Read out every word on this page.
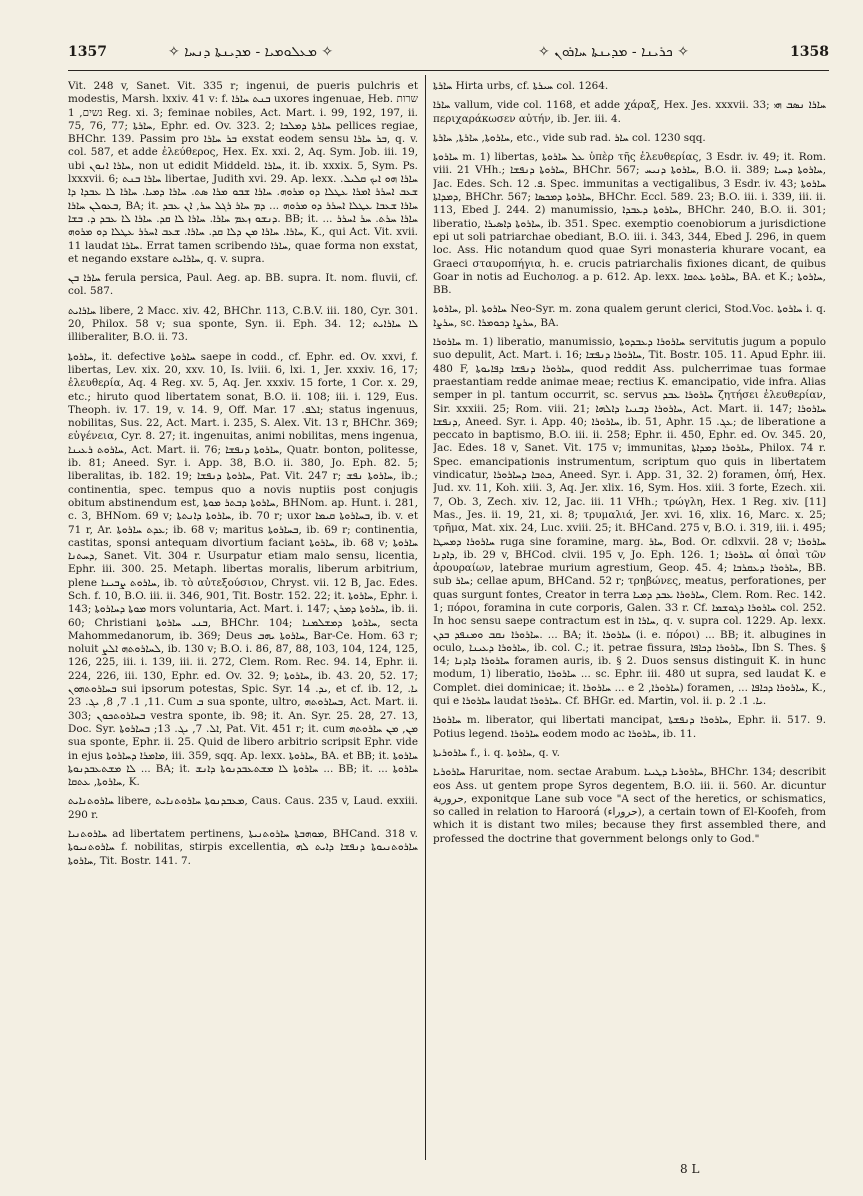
1357	✧ ܡܥܠܘܡܝܐ - ܡܕܝܢܬܐ ܕܢܚܐ ✧	✧ ܟܪܝܢܐ - ܡܕܝܢܬܐ ܚܐܪܘܢ ✧	1358

Vit. 248 v, Sanet. Vit. 335 r; ingenui, de pueris pulchris et modestis, Marsh. lxxiv. 41 v: f. ܒܢܬ ܚܐܪܐ uxores ingenuae, Heb. שרות נשים, 1 Reg. xi. 3; feminae nobiles, Act. Mart. i. 99, 192, 197, ii. 75, 76, 77; ܚܐܪܬܐ, Ephr. ed. Ov. 323. 2; ܚܐܪܬܐ ܕܡܠܟܐ pellices regiae, BHChr. 139. Passim pro ܒܪ ܚܐܪܐ exstat eodem sensu ܒܪ ܚܐܪܐ, q. v. col. 587, et adde ἐλεύθερος, Hex. Ex. xxi. 2, Aq. Sym. Job. iii. 19, ubi ܚܐܪܐ ܐܢܘܢ, non ut edidit Middeld. ܚܐܪܐ, it. ib. xxxix. 5, Sym. Ps. lxxxvii. 6; ܚܐܪܐ ܒܢܬ libertae, Judith xvi. 29. Ap. lexx. ܚܐܪܐ ܗܘ ܐܝܟ ܩܠܝܠ. ܫܥܒ ܐܚܪܪ ܐܡܪܐ ܥܛܠܐ ܕܘ ܡܪܘܗ. ܚܐܪܐ ܫܒܘ ܡܪܐ ܣܬ. ܚܐܪܐ ܕܡܝܐ. ܚܐܪܐ ܠܐ ܥܒܕܐ ܕܐ ܒܥܘܠܢ ܚܐܪܐ, BA; it. ܚܐܪܐ ܫܥܒܐ ܥܛܠܐ ܐܚܪܪ ܕܘ ܡܪܘܗ ... ܕܡ ܚܐܪ ܪܓܠ ܚܪ, ܐܢ ܥܒܕ ܕܢܫܘ ܙܥܡ ܚܐܪܐ. ܚܐܪܐ ܠܐ ܩܕ. ܚܐܪܐ ܠܐ ܥܒܕ ܕ. ܒܫܐ. BB; it. ܚܐܪܐ ܚܪܬ. ܚܪ ܐܚܪܪ ... ܚܐܪܐ. ܚܐܪܐ ܡܢ ܕܠܐ ܩܕ. ܚܐܪܐ. ܫܥܒ ܐܚܪܪ ܥܛܠܐ ܕܘ ܡܪܘܗ, K., qui Act. Vit. xvii. 11 laudat ܚܐܪܐ. Errat tamen scribendo ܚܐܪܐ, quae forma non exstat, et negando exstare ܚܐܪܐܝܬ, q. v. supra.

ܚܐܪܐ ܒܢ ferula persica, Paul. Aeg. ap. BB. supra. It. nom. fluvii, cf. col. 587.

ܚܐܪܐܝܬ libere, 2 Macc. xiv. 42, BHChr. 113, C.B.V. iii. 180, Cyr. 301. 20, Philox. 58 v; sua sponte, Syn. ii. Eph. 34. 12; ܠܐ ܚܐܪܐܝܬ illiberaliter, B.O. ii. 73.

ܚܐܪܘܬܐ, it. defective ܚܐܪܘܬܐ saepe in codd., cf. Ephr. ed. Ov. xxvi, f. libertas, Lev. xix. 20, xxv. 10, Is. lviii. 6, lxi. 1, Jer. xxxiv. 16, 17; ἐλευθερία, Aq. 4 Reg. xv. 5, Aq. Jer. xxxiv. 15 forte, 1 Cor. x. 29, etc.; hiruto quod libertatem sonat, B.O. ii. 108; iii. i. 129, Eus. Theoph. iv. 17. 19, v. 14. 9, Off. Mar. ܐܠܦ. 17; status ingenuus, nobilitas, Sus. 22, Act. Mart. i. 235, S. Alex. Vit. 13 r, BHChr. 369; εὐγένεια, Cyr. 8. 27; it. ingenuitas, animi nobilitas, mens ingenua, ܚܐܪܘܬ ܪܥܝܢܐ, Act. Mart. ii. 76; ܚܐܪܘܬܐ ܕܢܦܫܐ, Quatr. bonton, politesse, ib. 81; Aneed. Syr. i. App. 38, B.O. ii. 380, Jo. Eph. 82. 5; liberalitas, ib. 182. 19; ܚܐܪܘܬܐ ܕܢܦܫܐ, Pat. Vit. 247 r; ܚܐܪܘܬܐ ܢܦܫ, ib.; continentia, spec. tempus quo a novis nuptiis post conjugis obitum abstinendum est, ܚܐܪܘܬܐ ܕܒܬܪ ܡܘܬܐ, BHNom. ap. Hunt. i. 281, c. 3, BHNom. 69 v; ܚܐܪܘܬܐ ܕܐܢܬܬܐ, ib. 70 r; uxor ܒܚܐܪܘܬܐ ܩܝܡܐ, ib. v. et 71 r, Ar. ܥܕܬ ܚܐܪܘܬܐ; ib. 68 v; maritus ܒܚܐܪܘܬܐ, ib. 69 r; continentia, castitas, sponsi antequam divortium faciant ܚܐܪܘܬܐ, ib. 68 v; ܚܐܪܘܬܐ ܕܚܬܢܐ, Sanet. Vit. 304 r. Usurpatur etiam malo sensu, licentia, Ephr. iii. 300. 25. Metaph. libertas moralis, liberum arbitrium, plene ܚܐܪܘܬ ܨܒܝܢܐ, ib. τὸ αὐτεξούσιον, Chryst. vii. 12 B, Jac. Edes. Sch. f. 10, B.O. iii. ii. 346, 901, Tit. Bostr. 152. 22; it. ܚܐܪܘܬܐ, Ephr. i. 143; ܡܘܬܐ ܕܚܐܪܘܬܐ mors voluntaria, Act. Mart. i. 147; ܚܐܪܘܬܐ ܕܡܪܢ, ib. ii. 60; Christiani ܒܢܝ ܚܐܪܘܬܐ, BHChr. 104; ܚܐܪܘܬܐ ܕܡܫܠܡܢܐ, secta Mahommedanorum, ib. 369; Deus ܚܐܪܘܬܐ ܝܗܒ, Bar-Ce. Hom. 63 r; noluit ܠܚܐܪܘܬܗ ܐܠܨ, ib. 130 v; B.O. i. 86, 87, 88, 103, 104, 124, 125, 126, 225, iii. i. 139, iii. ii. 272, Clem. Rom. Rec. 94. 14, Ephr. ii. 224, 226, iii. 130, Ephr. ed. Ov. 32. 9; ܚܐܪܘܬܐ, ib. 43. 20, 52. 17; ܒܚܐܪܘܬܗܘܢ sui ipsorum potestas, Spic. Syr. ܝܕ. 14, et cf. ib. 12, ܝܐ. 11, 1. 7, 8, ܝܓ. 23. Cum ܒ sua sponte, ultro, ܒܚܐܪܘܬܗ, Act. Mart. ii. 303; ܒܚܐܪܘܬܟܘܢ vestra sponte, ib. 98; it. An. Syr. 25. 28, 27. 13, Doc. Syr. ܐܠ. 7, ܝܓ. 13; ܒܚܐܪܘܬܐ, Pat. Vit. 451 r; it. cum ܡܢ, ܡܢ ܚܐܪܘܬܗ sua sponte, Ephr. ii. 25. Quid de libero arbitrio scripsit Ephr. vide in ejus ܡܐܡܪܐ ܕܚܐܪܘܬܐ, iii. 359, sqq. Ap. lexx. ܚܐܪܘܬܐ, BA. et BB; it. ܚܐܪܘܬܐ ܠܐ ܡܫܬܥܒܕܢܘܬܐ ... BA; it. ܚܐܪܘܬܐ ܠܐ ܡܫܬܥܒܕܢܘܬܐ ܕܐܢܫ ... BB; it. ܚܐܪܘܬܐ ... ܚܐܪܘܬܐ, ܥܬܩܐ, K.

ܚܐܪܘܬܢܐܝܬ libere, ܡܥܒܕܢܘܬܐ ܚܐܪܘܬܢܐܝܬ, Caus. Caus. 235 v, Laud. exxiii. 290 r.

ܚܐܪܘܬܢܝܐ ad libertatem pertinens, ܡܘܗܒܬܐ ܚܐܪܘܬܢܝܬܐ, BHCand. 318 v. ܚܐܪܘܬܢܝܘܬܐ f. nobilitas, stirpis excellentia, ܚܐܪܘܬܢܝܘܬܐ ܕܢܦܫܐ ܕܐܝܬ ܠܗ ܚܐܪܘܬܐ, Tit. Bostr. 141. 7.

ܚܐܪܬܐ Hirta urbs, cf. ܚܝܪܬܐ col. 1264.

ܚܐܪܐ vallum, vide col. 1168, et adde χάραξ, Hex. Jes. xxxvii. 33; ܚܐܪܐ ܢܣܒ ܗܝ περιχαράκωσεν αὐτήν, ib. Jer. iii. 4.

ܚܐܪܘܬܐ, ܚܐܪܬܐ, ܚܐܪܬܐ, etc., vide sub rad. ܚܐܪ col. 1230 sqq.

ܚܐܪܘܬܐ m. 1) libertas, ܥܠ ܚܐܪܘܬܐ ὑπὲρ τῆς ἐλευθερίας, 3 Esdr. iv. 49; it. Rom. viii. 21 VHh.; ܚܐܪܘܬܐ ܕܢܦܫܐ, BHChr. 567; ܚܐܪܘܬܐ ܕܢܝܚ, B.O. ii. 389; ܚܐܪܘܬܐ ܕܚܝܐ, Jac. Edes. Sch. ܦ. 12. Spec. immunitas a vectigalibus, 3 Esdr. iv. 43; ܚܐܪܘܬܐ ܕܡܕܐܬܐ, BHChr. 567; ܚܐܪܘܬܐ ܕܡܟܣܐ, BHChr. Eccl. 589. 23; B.O. iii. i. 339, iii. ii. 113, Ebed J. 244. 2) manumissio, ܚܐܪܘܬܐ ܕܥܒܕܐ, BHChr. 240, B.O. ii. 301; liberatio, ܚܐܪܘܬܐ ܕܐܣܝܪܐ, ib. 351. Spec. exemptio coenobiorum a jurisdictione epi ut soli patriarchae obediant, B.O. iii. i. 343, 344, Ebed J. 296, in quem loc. Ass. Hic notandum quod quae Syri monasteria khurare vocant, ea Graeci σταυροπήγια, h. e. crucis patriarchalis fixiones dicant, de quibus Goar in notis ad Euchолog. a p. 612. Ap. lexx. ܚܐܪܘܬܐ ܥܬܩܐ, BA. et K.; ܚܐܪܘܬܐ, BB.

ܚܐܪܘܬܐ, pl. ܚܐܪܘܬܐ Neo-Syr. m. zona qualem gerunt clerici, Stod.Voc. ܚܐܪܘܬܐ i. q. ܚܪܨܐ, sc. ܚܪܨܐ ܕܟܘܡܪܐ, BA.

ܚܐܪܘܪܐ m. 1) liberatio, manumissio, ܚܐܪܘܪܐ ܕܥܒܕܘܬܐ servitutis jugum a populo suo depulit, Act. Mart. i. 16; ܚܐܪܘܪܐ ܕܢܦܫܐ, Tit. Bostr. 105. 11. Apud Ephr. iii. 480 F, ܚܐܪܘܪܐ ܕܢܦܫܐ ܕܦܐܝܘܬܐ, quod reddit Ass. pulcherrimae tuas formae praestantiam redde animae meae; rectius K. emancipatio, vide infra. Alias semper in pl. tantum occurrit, sc. servus ܚܐܪܘܪܐ ܥܒܕ ζητήσει ἐλευθερίαν, Sir. xxxiii. 25; Rom. viii. 21; ܚܐܪܘܪܐ ܕܒܢܝܐ ܕܐܠܗܐ, Act. Mart. ii. 147; ܚܐܪܘܪܐ ܕܢܦܫܐ, Aneed. Syr. i. App. 40; ܚܐܪܘܪܐ, ib. 51, Aphr. ܥܓ. 15; de liberatione a peccato in baptismo, B.O. iii. ii. 258; Ephr. ii. 450, Ephr. ed. Ov. 345. 20, Jac. Edes. 18 v, Sanet. Vit. 175 v; immunitas, ܚܐܪܘܪܐ ܕܡܕܐܬܐ, Philox. 74 r. Spec. emancipationis instrumentum, scriptum quo quis in libertatem vindicatur, ܟܬܒܐ ܕܚܐܪܘܪܐ, Aneed. Syr. i. App. 31, 32. 2) foramen, ὀπή, Hex. Jud. xv. 11, Koh. xiii. 3, Aq. Jer. xlix. 16, Sym. Hos. xiii. 3 forte, Ezech. xii. 7, Ob. 3, Zech. xiv. 12, Jac. iii. 11 VHh.; τρώγλη, Hex. 1 Reg. xiv. [11] Mas., Jes. ii. 19, 21, xi. 8; τρυμαλιά, Jer. xvi. 16, xlix. 16, Marc. x. 25; τρῆμα, Mat. xix. 24, Luc. xviii. 25; it. BHCand. 275 v, B.O. i. 319, iii. i. 495; ܚܐܪܘܪܐ ܕܡܚܛܐ ruga sine foramine, marg. ܚܐܪ, Bod. Or. cdlxvii. 28 v; ܚܐܪܘܪܐ ܕܐܕܢܐ, ib. 29 v, BHCod. clvii. 195 v, Jo. Eph. 126. 1; ܚܐܪܘܪܐ αἱ ὀπαὶ τῶν ἀρουραίων, latebrae murium agrestium, Geop. 45. 4; ܚܐܪܘܪܐ ܕܥܩܪܒܐ, BB. sub ܚܐܪ; cellae apum, BHCand. 52 r; τρηβώνες, meatus, perforationes, per quas surgunt fontes, Creator in terra ܚܐܪܘܪܐ ܥܒܕ ܕܡܝܐ, Clem. Rom. Rec. 142. 1; πόροι, foramina in cute corporis, Galen. 33 r. Cf. ܚܐܪܘܪܐ ܕܓܘܫܡܐ col. 252. In hoc sensu saepe contractum est in ܚܐܪܐ, q. v. supra col. 1229. Ap. lexx. ܚܐܪܘܪܐ ܢܩܒ ܘܡܢܦܕ ܒܕܢ. ... BA; it. ܚܐܪܘܪܐ (i. e. πόροι) ... BB; it. albugines in oculo, ܚܐܪܘܪܐ ܕܥܝܢܐ, ib. col. C.; it. petrae fissura, ܚܐܪܘܪܐ ܕܟܐܦܐ, Ibn S. Thes. § 14; ܚܐܪܘܪܐ ܕܐܕܢܐ foramen auris, ib. § 2. Duos sensus distinguit K. in hunc modum, 1) liberatio, ܚܐܪܘܪܐ ... sc. Ephr. iii. 480 ut supra, sed laudat K. e Complet. diei dominicae; it. ܚܐܪܘܪܐ ... e ܚܐܪܘܪܐ, 2) foramen, ... ܚܐܪܘܪܐ ܕܟܐܦܐ, K., qui e ܚܐܪܘܪܐ laudat ܚܐܪܘܪܐ. Cf. BHGr. ed. Martin, vol. ii. p. ܝܐ. 1. 2.

ܚܐܪܘܪܐ m. liberator, qui libertati mancipat, ܚܐܪܘܪܐ ܕܢܦܫܬܐ, Ephr. ii. 517. 9. Potius legend. ܚܐܪܘܪܐ eodem modo ac ܚܐܪܘܪܐ, ib. 11.

ܚܐܪܘܪܝܬܐ f., i. q. ܚܐܪܘܬܐ, q. v.

ܚܐܪܘܪܝܐ Haruritae, nom. sectae Arabum. ܚܐܪܘܪܝܐ ܕܛܝܝܐ, BHChr. 134; describit eos Ass. ut gentem prope Syros degentem, B.O. iii. ii. 560. Ar. dicuntur حرورية, exponitque Lane sub voce "A sect of the heretics, or schismatics, so called in relation to Haroorá (حروراء), a certain town of El-Koofeh, from which it is distant two miles; because they first assembled there, and professed the doctrine that government belongs only to God."

8 L
